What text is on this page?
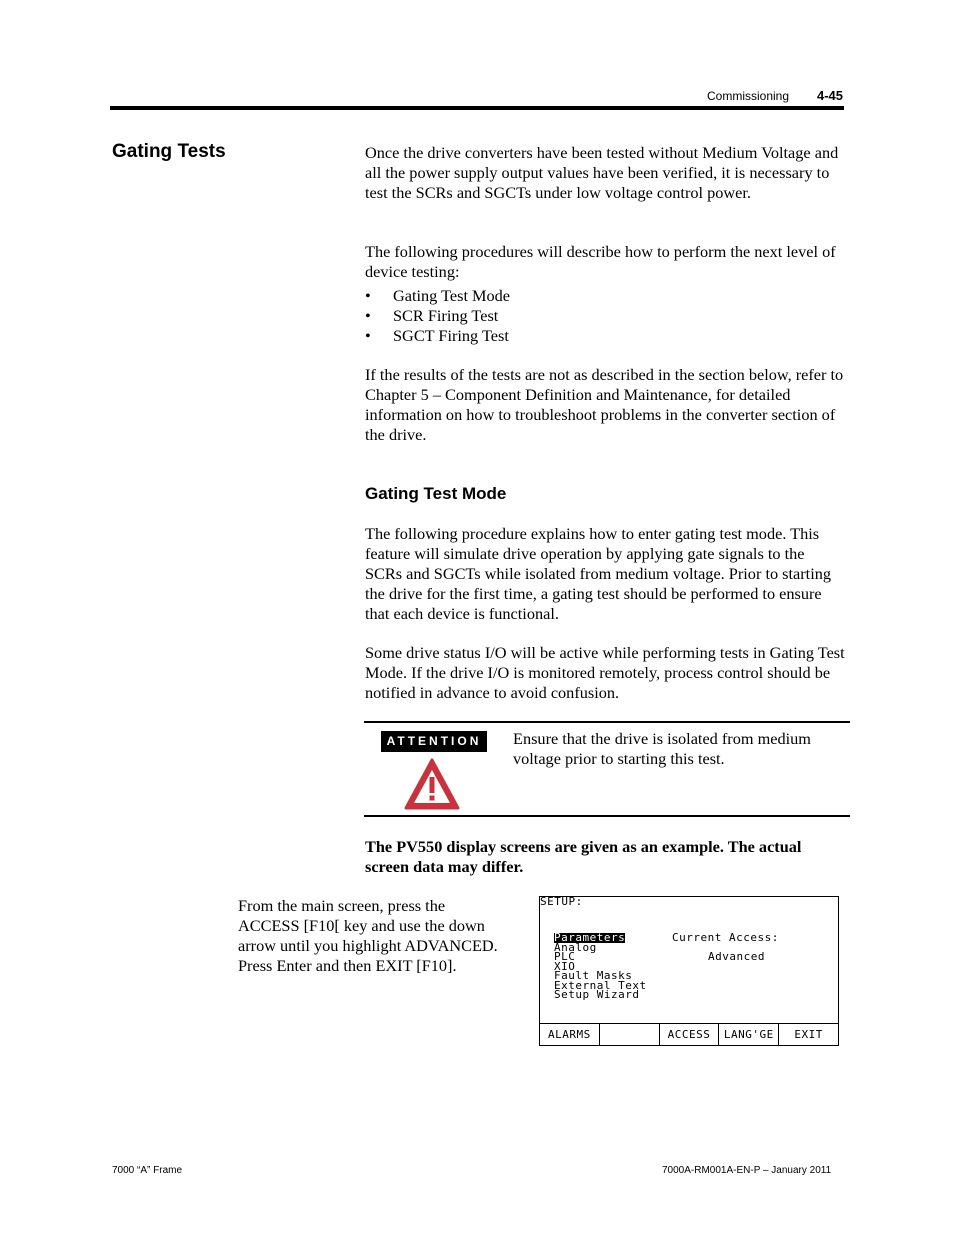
Commissioning 4-45
Gating Tests	Once the drive converters have been tested without Medium Voltage and all the power supply output values have been verified, it is necessary to test the SCRs and SGCTs under low voltage control power.
The following procedures will describe how to perform the next level of device testing:
• Gating Test Mode
• SCR Firing Test
• SGCT Firing Test
If the results of the tests are not as described in the section below, refer to Chapter 5 – Component Definition and Maintenance, for detailed information on how to troubleshoot problems in the converter section of the drive.
Gating Test Mode
The following procedure explains how to enter gating test mode. This feature will simulate drive operation by applying gate signals to the SCRs and SGCTs while isolated from medium voltage. Prior to starting the drive for the first time, a gating test should be performed to ensure that each device is functional.
Some drive status I/O will be active while performing tests in Gating Test Mode. If the drive I/O is monitored remotely, process control should be notified in advance to avoid confusion.
ATTENTION	Ensure that the drive is isolated from medium voltage prior to starting this test.
The PV550 display screens are given as an example. The actual screen data may differ.
From the main screen, press the ACCESS [F10[ key and use the down arrow until you highlight ADVANCED. Press Enter and then EXIT [F10].
SETUP:
Parameters
Analog
PLC
XIO
Fault Masks
External Text
Setup Wizard
Current Access:
Advanced
ALARMS	ACCESS	LANG'GE	EXIT
7000 “A” Frame	7000A-RM001A-EN-P – January 2011
